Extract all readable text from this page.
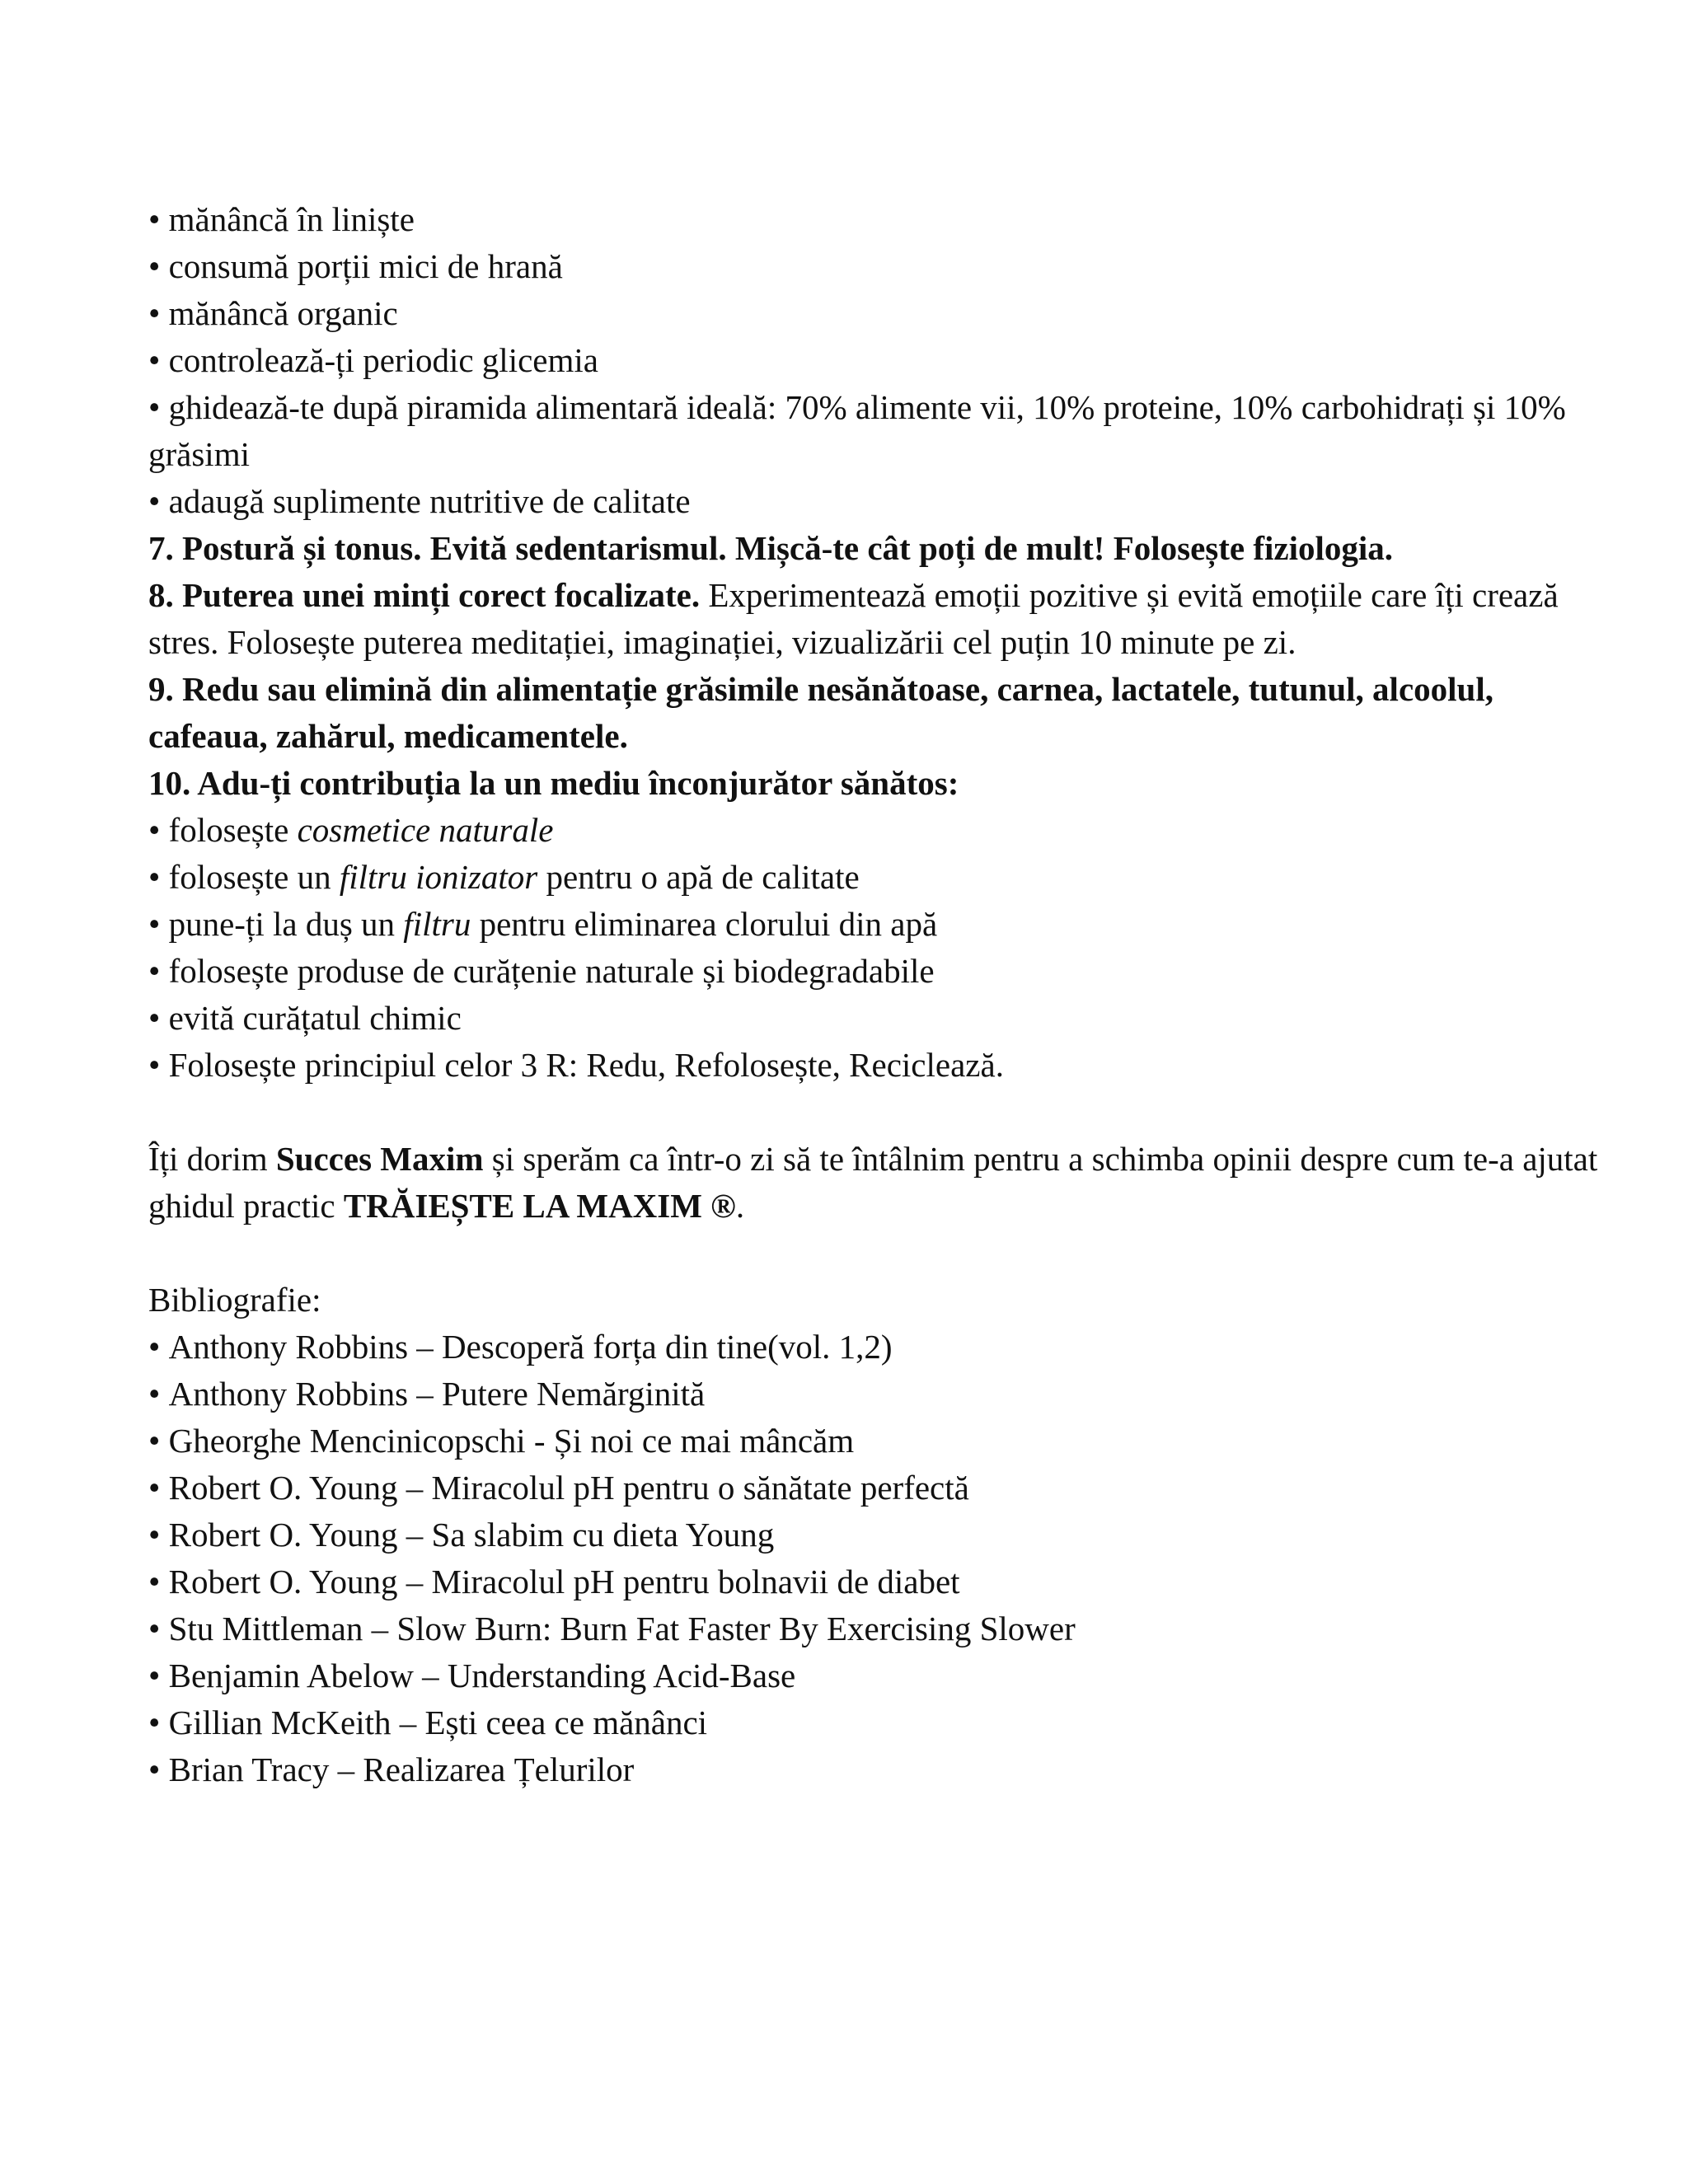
• mănâncă în liniște

• consumă porții mici de hrană

• mănâncă organic

• controlează-ți periodic glicemia

• ghidează-te după piramida alimentară ideală: 70% alimente vii, 10% proteine, 10% carbohidrați și 10% grăsimi

• adaugă suplimente nutritive de calitate

7. Postură și tonus. Evită sedentarismul. Mișcă-te cât poți de mult! Folosește fiziologia.

8. Puterea unei minți corect focalizate. Experimentează emoții pozitive și evită emoțiile care îți crează stres. Folosește puterea meditației, imaginației, vizualizării cel puțin 10 minute pe zi.

9. Redu sau elimină din alimentație grăsimile nesănătoase, carnea, lactatele, tutunul, alcoolul, cafeaua, zahărul, medicamentele.

10. Adu-ți contribuția la un mediu înconjurător sănătos:

• folosește cosmetice naturale

• folosește un filtru ionizator pentru o apă de calitate

• pune-ți la duș un filtru pentru eliminarea clorului din apă

• folosește produse de curățenie naturale și biodegradabile

• evită curățatul chimic

• Folosește principiul celor 3 R: Redu, Refolosește, Reciclează.

Îți dorim Succes Maxim și sperăm ca într-o zi să te întâlnim pentru a schimba opinii despre cum te-a ajutat ghidul practic TRĂIEȘTE LA MAXIM ®.

Bibliografie:

• Anthony Robbins – Descoperă forța din tine(vol. 1,2)

• Anthony Robbins – Putere Nemărginită

• Gheorghe Mencinicopschi - Și noi ce mai mâncăm

• Robert O. Young – Miracolul pH pentru o sănătate perfectă

• Robert O. Young – Sa slabim cu dieta Young

• Robert O. Young – Miracolul pH pentru bolnavii de diabet

• Stu Mittleman – Slow Burn: Burn Fat Faster By Exercising Slower

• Benjamin Abelow – Understanding Acid-Base

• Gillian McKeith – Ești ceea ce mănânci

• Brian Tracy – Realizarea Țelurilor
